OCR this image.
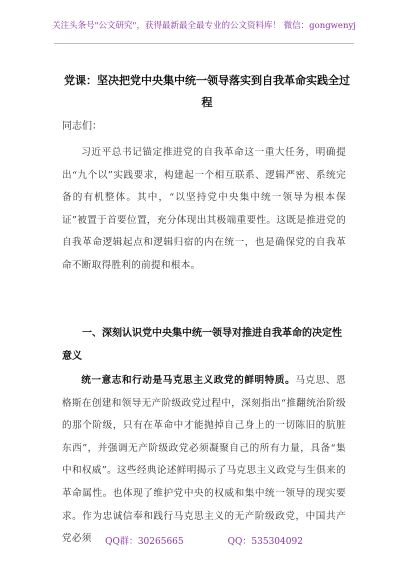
关注头条号"公文研究"，获得最新最全最专业的公文资料库！ 微信：gongwenyj
党课：坚决把党中央集中统一领导落实到自我革命实践全过程
同志们：

习近平总书记锚定推进党的自我革命这一重大任务，明确提出“九个以”实践要求，构建起一个相互联系、逻辑严密、系统完备的有机整体。其中，“以坚持党中央集中统一领导为根本保证”被置于首要位置，充分体现出其极端重要性。这既是推进党的自我革命逻辑起点和逻辑归宿的内在统一，也是确保党的自我革命不断取得胜利的前提和根本。

一、深刻认识党中央集中统一领导对推进自我革命的决定性意义

统一意志和行动是马克思主义政党的鲜明特质。马克思、恩格斯在创建和领导无产阶级政党过程中，深刻指出“推翻统治阶级的那个阶级，只有在革命中才能抛掉自己身上的一切陈旧的肮脏东西”，并强调无产阶级政党必须凝聚自己的所有力量，具备“集中和权威”。这些经典论述鲜明揭示了马克思主义政党与生俱来的革命属性。也体现了维护党中央的权威和集中统一领导的现实要求。作为忠诚信奉和践行马克思主义的无产阶级政党，中国共产党必须	QQ群：30265665	QQ：535304092
